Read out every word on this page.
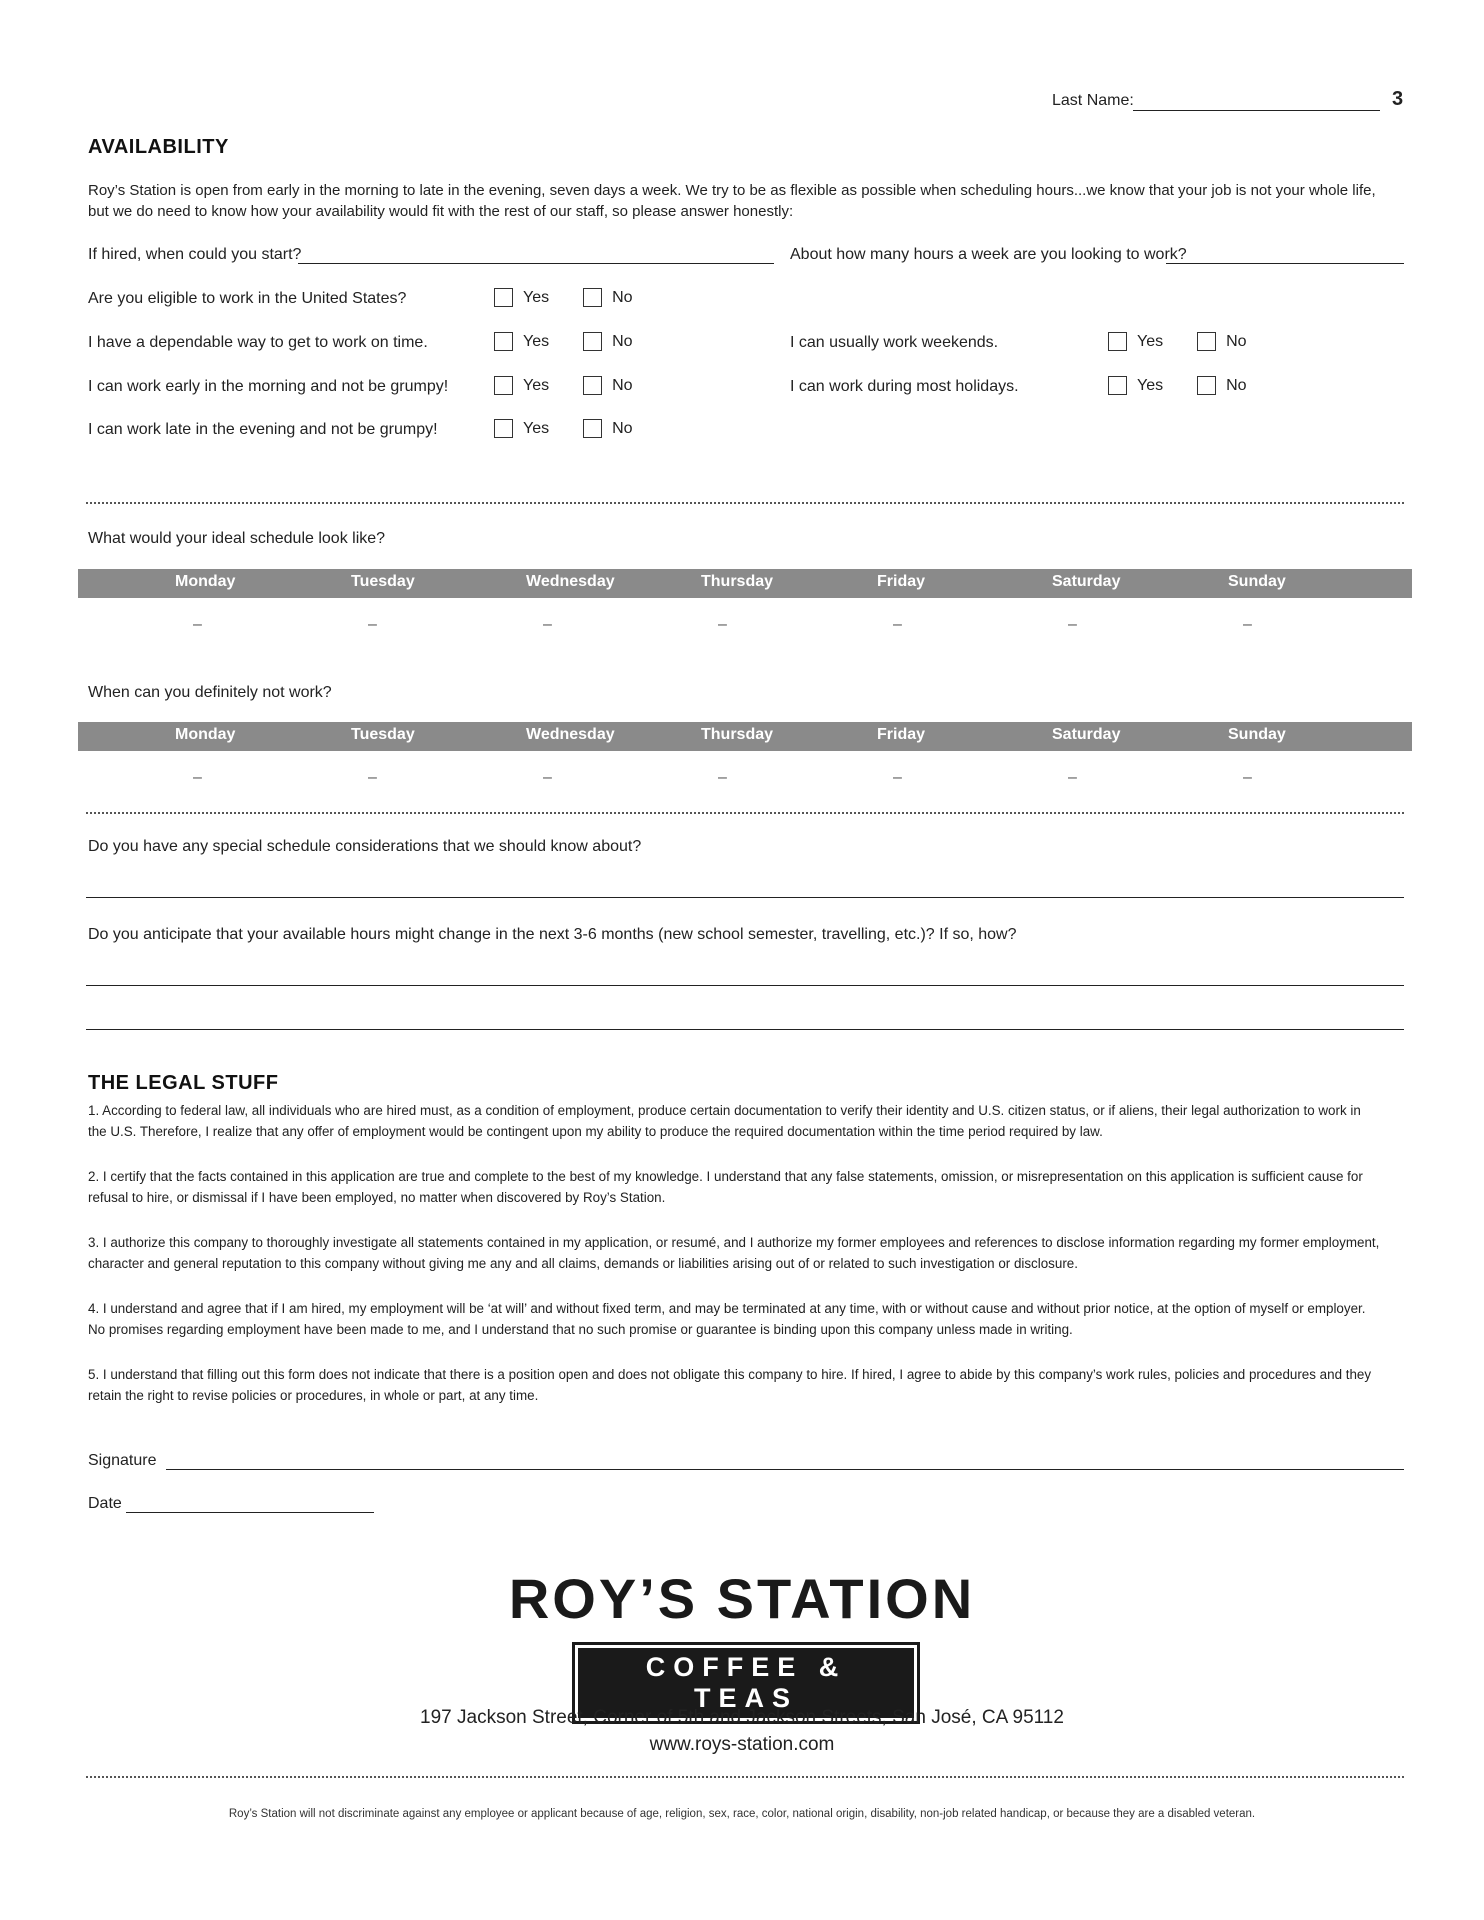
Last Name:	3
AVAILABILITY
Roy’s Station is open from early in the morning to late in the evening, seven days a week. We try to be as flexible as possible when scheduling hours...we know that your job is not your whole life,
but we do need to know how your availability would fit with the rest of our staff, so please answer honestly:
If hired, when could you start?	About how many hours a week are you looking to work?
Are you eligible to work in the United States?	Yes	No
I have a dependable way to get to work on time.	Yes	No
I can work early in the morning and not be grumpy!	Yes	No
I can work late in the evening and not be grumpy!	Yes	No
I can usually work weekends.	Yes	No
I can work during most holidays.	Yes	No
What would your ideal schedule look like?
Monday	Tuesday	Wednesday	Thursday	Friday	Saturday	Sunday
–	–	–	–	–	–	–
When can you definitely not work?
Monday	Tuesday	Wednesday	Thursday	Friday	Saturday	Sunday
–	–	–	–	–	–	–
Do you have any special schedule considerations that we should know about?
Do you anticipate that your available hours might change in the next 3-6 months (new school semester, travelling, etc.)? If so, how?
THE LEGAL STUFF
1. According to federal law, all individuals who are hired must, as a condition of employment, produce certain documentation to verify their identity and U.S. citizen status, or if aliens, their legal authorization to work in
the U.S. Therefore, I realize that any offer of employment would be contingent upon my ability to produce the required documentation within the time period required by law.
2. I certify that the facts contained in this application are true and complete to the best of my knowledge. I understand that any false statements, omission, or misrepresentation on this application is sufficient cause for
refusal to hire, or dismissal if I have been employed, no matter when discovered by Roy’s Station.
3. I authorize this company to thoroughly investigate all statements contained in my application, or resumé, and I authorize my former employees and references to disclose information regarding my former employment,
character and general reputation to this company without giving me any and all claims, demands or liabilities arising out of or related to such investigation or disclosure.
4. I understand and agree that if I am hired, my employment will be ‘at will’ and without fixed term, and may be terminated at any time, with or without cause and without prior notice, at the option of myself or employer.
No promises regarding employment have been made to me, and I understand that no such promise or guarantee is binding upon this company unless made in writing.
5. I understand that filling out this form does not indicate that there is a position open and does not obligate this company to hire. If hired, I agree to abide by this company’s work rules, policies and procedures and they
retain the right to revise policies or procedures, in whole or part, at any time.
Signature
Date
ROY’S STATION
COFFEE & TEAS
197 Jackson Street, Corner of 5th and Jackson Streets, San José, CA 95112
www.roys-station.com
Roy’s Station will not discriminate against any employee or applicant because of age, religion, sex, race, color, national origin, disability, non-job related handicap, or because they are a disabled veteran.
